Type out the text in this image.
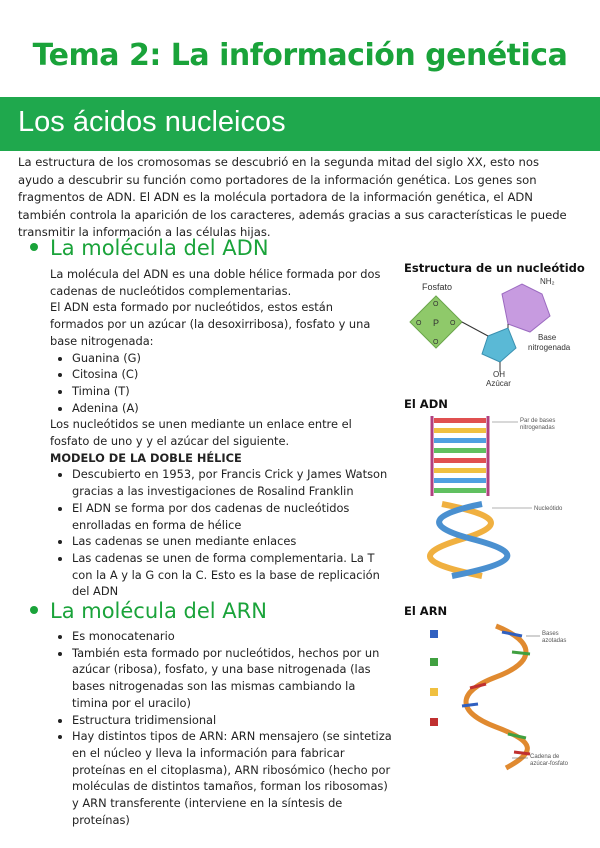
Tema 2: La información genética
Los ácidos nucleicos
La estructura de los cromosomas se descubrió en la segunda mitad del siglo XX, esto nos ayudo a descubrir su función como portadores de la información genética. Los genes son fragmentos de ADN. El ADN es la molécula portadora de la información genética, el ADN también controla la aparición de los caracteres, además gracias a sus características le puede transmitir la información a las células hijas.
La molécula del ADN

La molécula del ADN es una doble hélice formada por dos cadenas de nucleótidos complementarias.

El ADN esta formado por nucleótidos, estos están formados por un azúcar (la desoxirribosa), fosfato y una base nitrogenada:

• Guanina (G)
• Citosina (C)
• Timina (T)
• Adenina (A)

Los nucleótidos se unen mediante un enlace entre el fosfato de uno y y el azúcar del siguiente.

MODELO DE LA DOBLE HÉLICE

• Descubierto en 1953, por Francis Crick y James Watson gracias a las investigaciones de Rosalind Franklin
• El ADN se forma por dos cadenas de nucleótidos enrolladas en forma de hélice
• Las cadenas se unen mediante enlaces
• Las cadenas se unen de forma complementaria. La T con la A y la G con la C. Esto es la base de replicación del ADN
La molécula del ARN
• Es monocatenario
• También esta formado por nucleótidos, hechos por un azúcar (ribosa), fosfato, y una base nitrogenada (las bases nitrogenadas son las mismas cambiando la timina por el uracilo)
• Estructura tridimensional
• Hay distintos tipos de ARN: ARN mensajero (se sintetiza en el núcleo y lleva la información para fabricar proteínas en el citoplasma), ARN ribosómico (hecho por moléculas de distintos tamaños, forman los ribosomas) y ARN transferente (interviene en la síntesis de proteínas)
Estructura de un nucleótido
Fosfato
P
O
O
O	O
OH
Azúcar
NH₂
Base
nitrogenada
El ADN
Par de bases
nitrogenadas
Nucleótido
El ARN
Bases
azotadas
Cadena de
azúcar-fosfato
